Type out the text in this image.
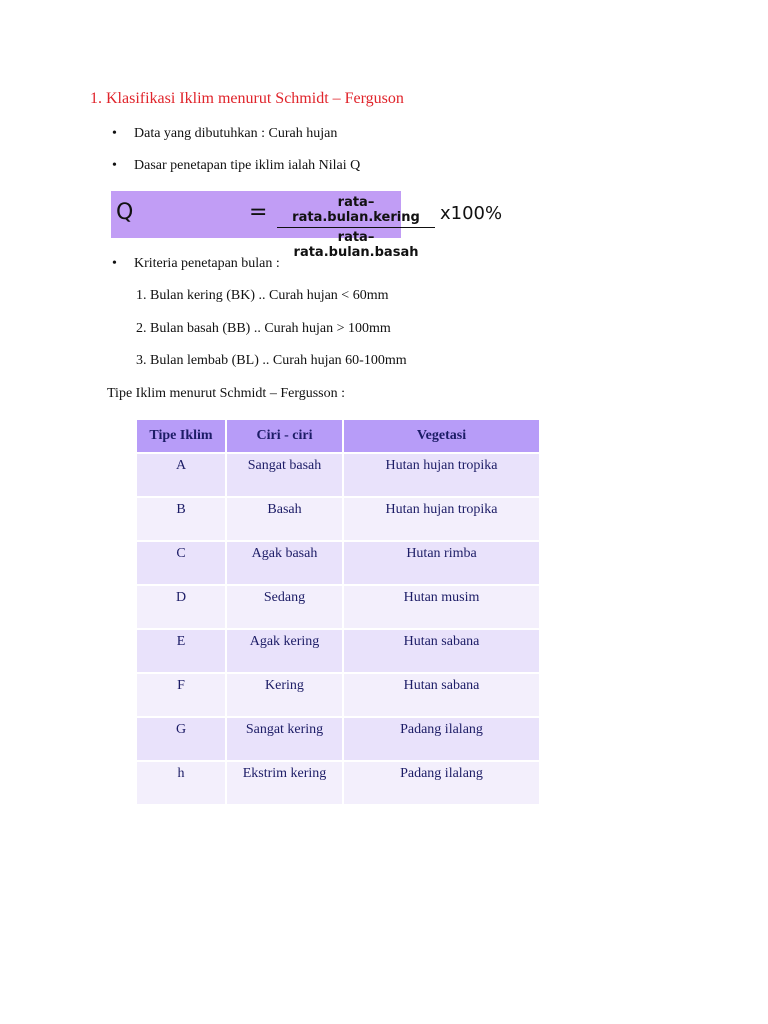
1. Klasifikasi Iklim menurut Schmidt – Ferguson
• Data yang dibutuhkan : Curah hujan
• Dasar penetapan tipe iklim ialah Nilai Q
Q	=	rata–rata.bulan.kering
rata–rata.bulan.basah
x100%
• Kriteria penetapan bulan :
1. Bulan kering (BK) .. Curah hujan < 60mm
2. Bulan basah (BB) .. Curah hujan > 100mm
3. Bulan lembab (BL) .. Curah hujan 60-100mm
Tipe Iklim menurut Schmidt – Fergusson :
Tipe Iklim	Ciri - ciri	Vegetasi
A	Sangat basah	Hutan hujan tropika
B	Basah	Hutan hujan tropika
C	Agak basah	Hutan rimba
D	Sedang	Hutan musim
E	Agak kering	Hutan sabana
F	Kering	Hutan sabana
G	Sangat kering	Padang ilalang
h	Ekstrim kering	Padang ilalang
